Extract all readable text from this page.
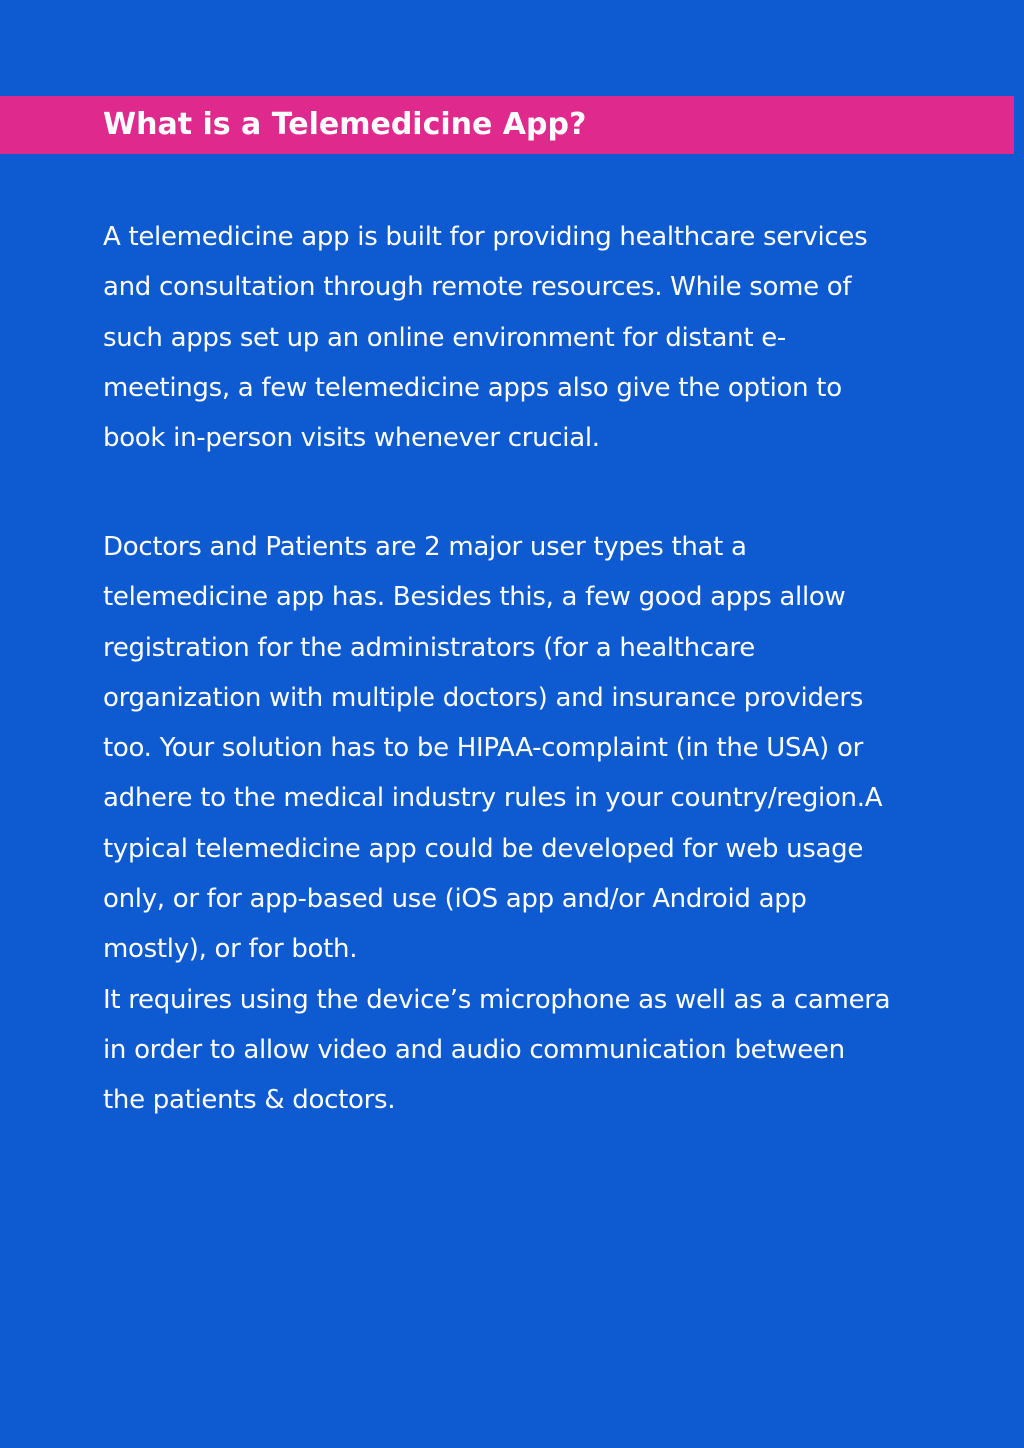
What is a Telemedicine App?
A telemedicine app is built for providing healthcare services
and consultation through remote resources. While some of
such apps set up an online environment for distant e-
meetings, a few telemedicine apps also give the option to
book in-person visits whenever crucial.
Doctors and Patients are 2 major user types that a
telemedicine app has. Besides this, a few good apps allow
registration for the administrators (for a healthcare
organization with multiple doctors) and insurance providers
too. Your solution has to be HIPAA-complaint (in the USA) or
adhere to the medical industry rules in your country/region.A
typical telemedicine app could be developed for web usage
only, or for app-based use (iOS app and/or Android app
mostly), or for both.
It requires using the device’s microphone as well as a camera
in order to allow video and audio communication between
the patients & doctors.
